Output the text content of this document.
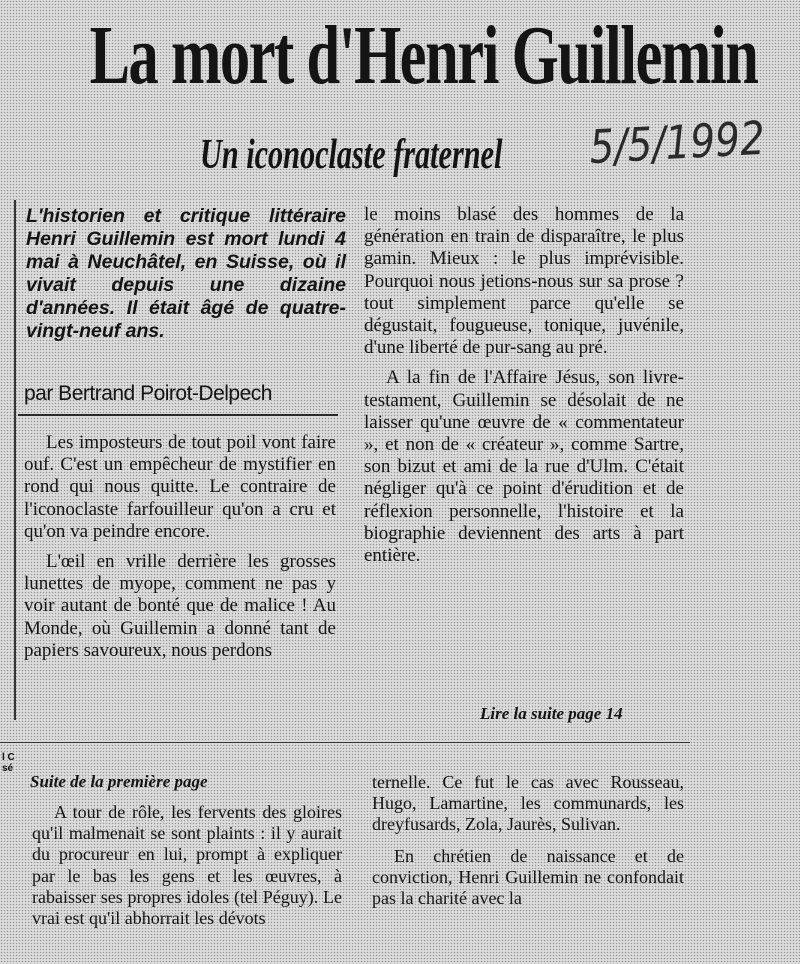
La mort d'Henri Guillemin
Un iconoclaste fraternel 5/5/1992
L'historien et critique littéraire Henri Guillemin est mort lundi 4 mai à Neuchâtel, en Suisse, où il vivait depuis une dizaine d'années. Il était âgé de quatre-vingt-neuf ans.
par Bertrand Poirot-Delpech

Les imposteurs de tout poil vont faire ouf. C'est un empêcheur de mystifier en rond qui nous quitte. Le contraire de l'iconoclaste farfouilleur qu'on a cru et qu'on va peindre encore.

L'œil en vrille derrière les grosses lunettes de myope, comment ne pas y voir autant de bonté que de malice ! Au Monde, où Guillemin a donné tant de papiers savoureux, nous perdons

le moins blasé des hommes de la génération en train de disparaître, le plus gamin. Mieux : le plus imprévisible. Pourquoi nous jetions-nous sur sa prose ? tout simplement parce qu'elle se dégustait, fougueuse, tonique, juvénile, d'une liberté de pur-sang au pré.

A la fin de l'Affaire Jésus, son livre-testament, Guillemin se désolait de ne laisser qu'une œuvre de « commentateur », et non de « créateur », comme Sartre, son bizut et ami de la rue d'Ulm. C'était négliger qu'à ce point d'érudition et de réflexion personnelle, l'histoire et la biographie deviennent des arts à part entière.

Lire la suite page 14
l C
sé
Suite de la première page

A tour de rôle, les fervents des gloires qu'il malmenait se sont plaints : il y aurait du procureur en lui, prompt à expliquer par le bas les gens et les œuvres, à rabaisser ses propres idoles (tel Péguy). Le vrai est qu'il abhorrait les dévots

ternelle. Ce fut le cas avec Rousseau, Hugo, Lamartine, les communards, les dreyfusards, Zola, Jaurès, Sulivan.

En chrétien de naissance et de conviction, Henri Guillemin ne confondait pas la charité avec la
